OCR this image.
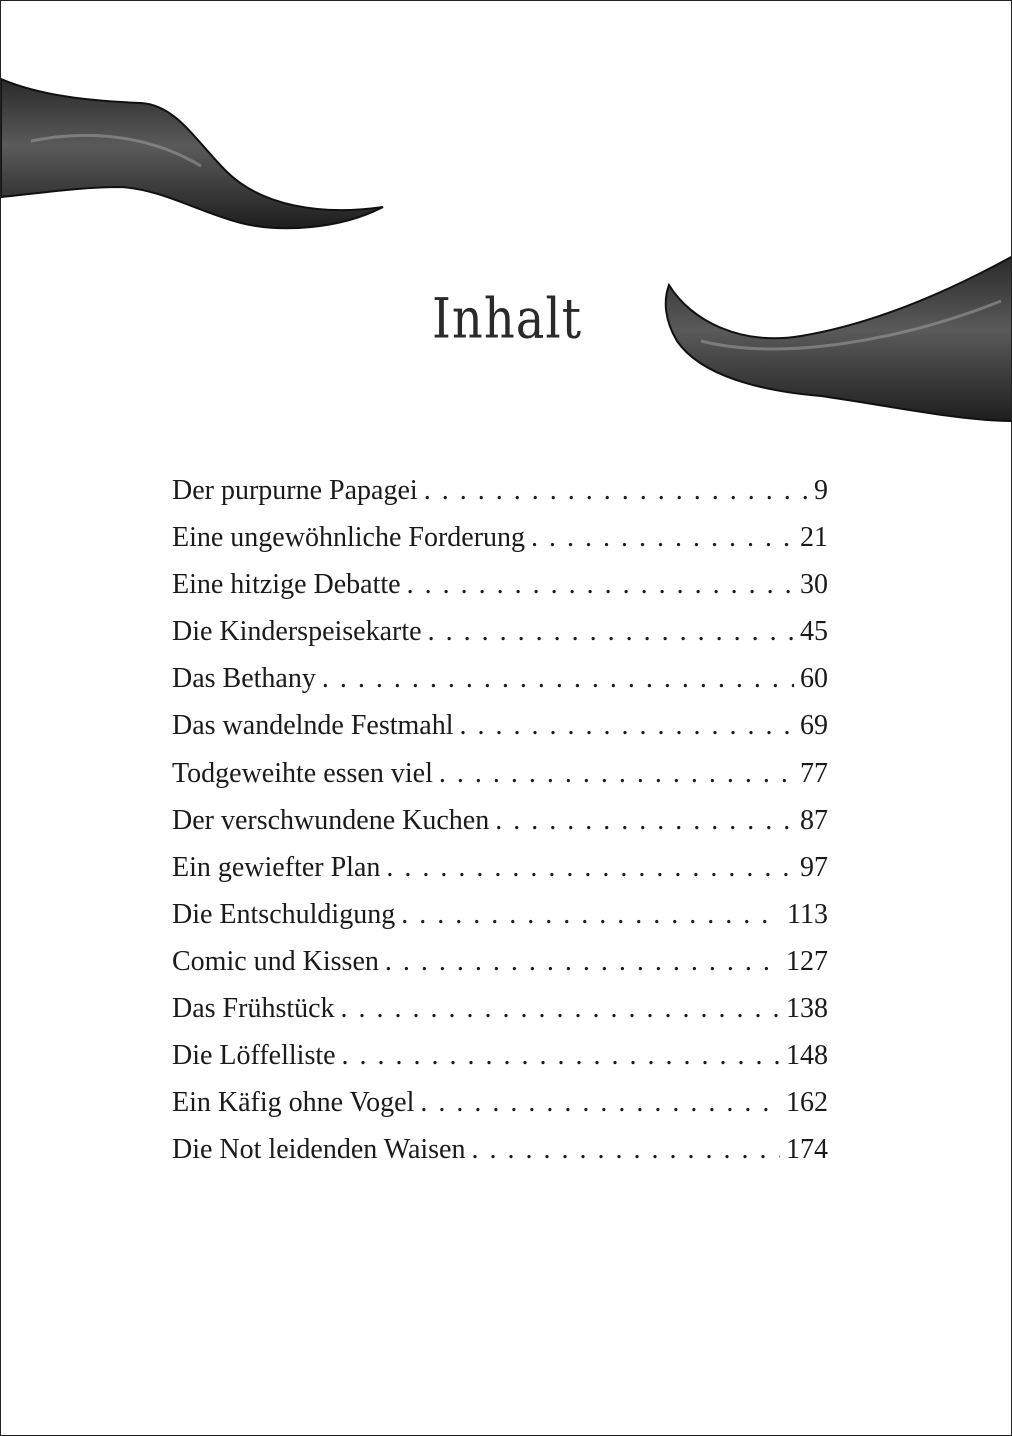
Inhalt
Der purpurne Papagei . . .	9
Eine ungewöhnliche Forderung . . .	21
Eine hitzige Debatte . . .	30
Die Kinderspeisekarte . . .	45
Das Bethany . . .	60
Das wandelnde Festmahl . . .	69
Todgeweihte essen viel . . .	77
Der verschwundene Kuchen . . .	87
Ein gewiefter Plan . . .	97
Die Entschuldigung . . .	113
Comic und Kissen . . .	127
Das Frühstück . . .	138
Die Löffelliste . . .	148
Ein Käfig ohne Vogel . . .	162
Die Not leidenden Waisen . . .	174
